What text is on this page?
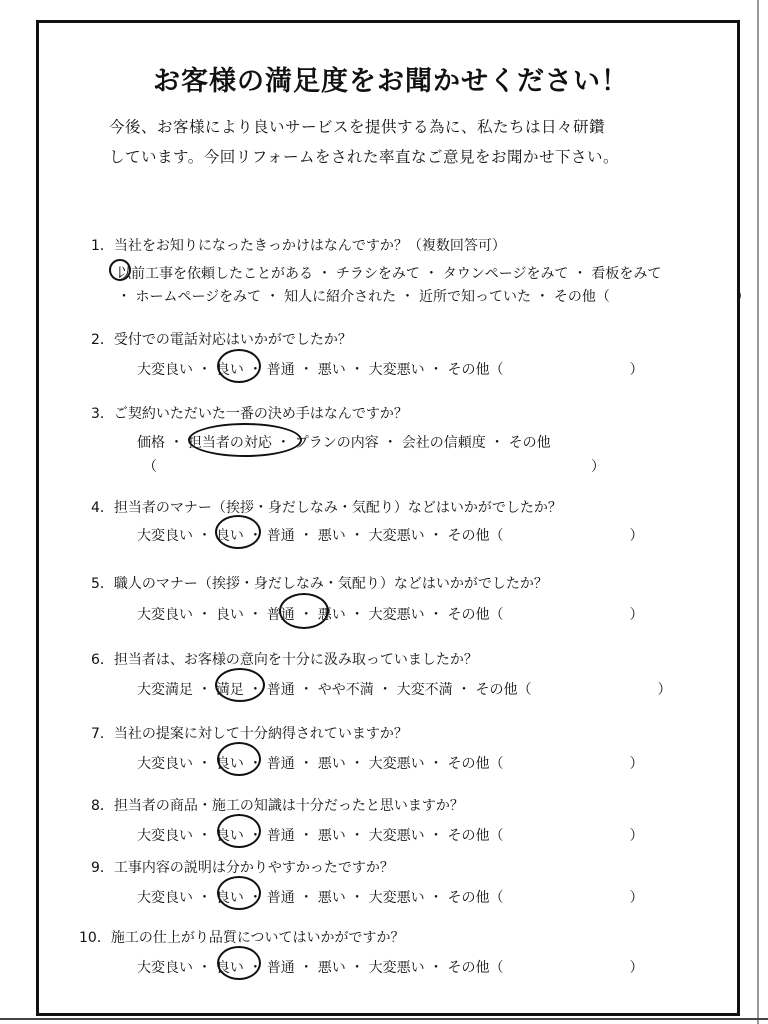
お客様の満足度をお聞かせください！
今後、お客様により良いサービスを提供する為に、私たちは日々研鑽
しています。今回リフォームをされた率直なご意見をお聞かせ下さい。
1．当社をお知りになったきっかけはなんですか？（複数回答可）
以前工事を依頼したことがある ・ チラシをみて ・ タウンページをみて ・ 看板をみて
・ ホームページをみて ・ 知人に紹介された ・ 近所で知っていた ・ その他（　　　　　　　　　）
2．受付での電話対応はいかがでしたか？
大変良い ・ 良い ・ 普通 ・ 悪い ・ 大変悪い ・ その他（　　　　　　　　　）
3．ご契約いただいた一番の決め手はなんですか？
価格 ・ 担当者の対応 ・ プランの内容 ・ 会社の信頼度 ・ その他
（　　　　　　　　　　　　　　　　　　　　　　　　　　　　　　　）
4．担当者のマナー（挨拶・身だしなみ・気配り）などはいかがでしたか？
大変良い ・ 良い ・ 普通 ・ 悪い ・ 大変悪い ・ その他（　　　　　　　　　）
5．職人のマナー（挨拶・身だしなみ・気配り）などはいかがでしたか？
大変良い ・ 良い ・ 普通 ・ 悪い ・ 大変悪い ・ その他（　　　　　　　　　）
6．担当者は、お客様の意向を十分に汲み取っていましたか？
大変満足 ・ 満足 ・ 普通 ・ やや不満 ・ 大変不満 ・ その他（　　　　　　　　　）
7．当社の提案に対して十分納得されていますか？
大変良い ・ 良い ・ 普通 ・ 悪い ・ 大変悪い ・ その他（　　　　　　　　　）
8．担当者の商品・施工の知識は十分だったと思いますか？
大変良い ・ 良い ・ 普通 ・ 悪い ・ 大変悪い ・ その他（　　　　　　　　　）
9．工事内容の説明は分かりやすかったですか？
大変良い ・ 良い ・ 普通 ・ 悪い ・ 大変悪い ・ その他（　　　　　　　　　）
10．施工の仕上がり品質についてはいかがですか？
大変良い ・ 良い ・ 普通 ・ 悪い ・ 大変悪い ・ その他（　　　　　　　　　）
